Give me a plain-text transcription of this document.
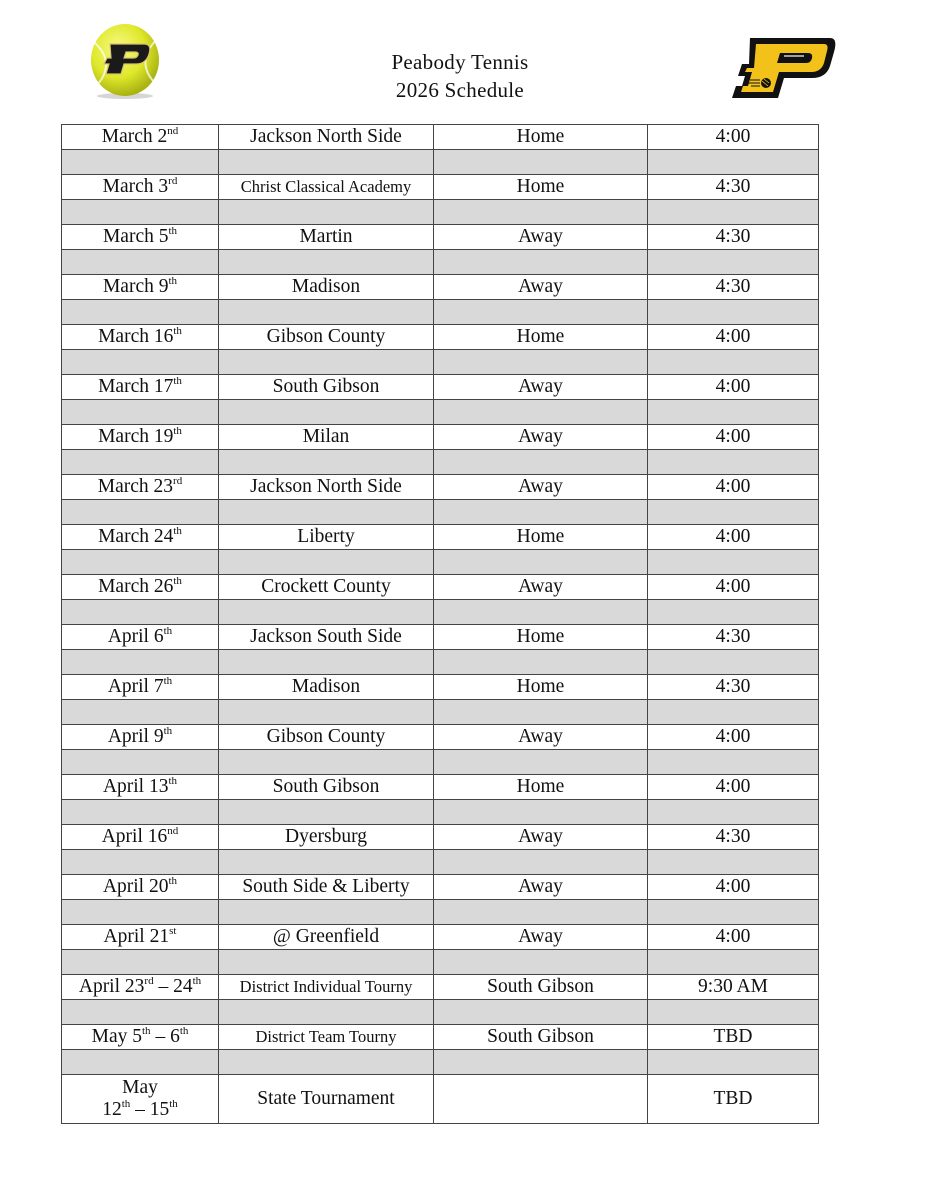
Peabody Tennis
2026 Schedule
March 2nd	Jackson North Side	Home	4:00

March 3rd	Christ Classical Academy	Home	4:30

March 5th	Martin	Away	4:30

March 9th	Madison	Away	4:30

March 16th	Gibson County	Home	4:00

March 17th	South Gibson	Away	4:00

March 19th	Milan	Away	4:00

March 23rd	Jackson North Side	Away	4:00

March 24th	Liberty	Home	4:00

March 26th	Crockett County	Away	4:00

April 6th	Jackson South Side	Home	4:30

April 7th	Madison	Home	4:30

April 9th	Gibson County	Away	4:00

April 13th	South Gibson	Home	4:00

April 16nd	Dyersburg	Away	4:30

April 20th	South Side & Liberty	Away	4:00

April 21st	@ Greenfield	Away	4:00

April 23rd – 24th	District Individual Tourny	South Gibson	9:30 AM

May 5th – 6th	District Team Tourny	South Gibson	TBD

May
12th – 15th	State Tournament		TBD
